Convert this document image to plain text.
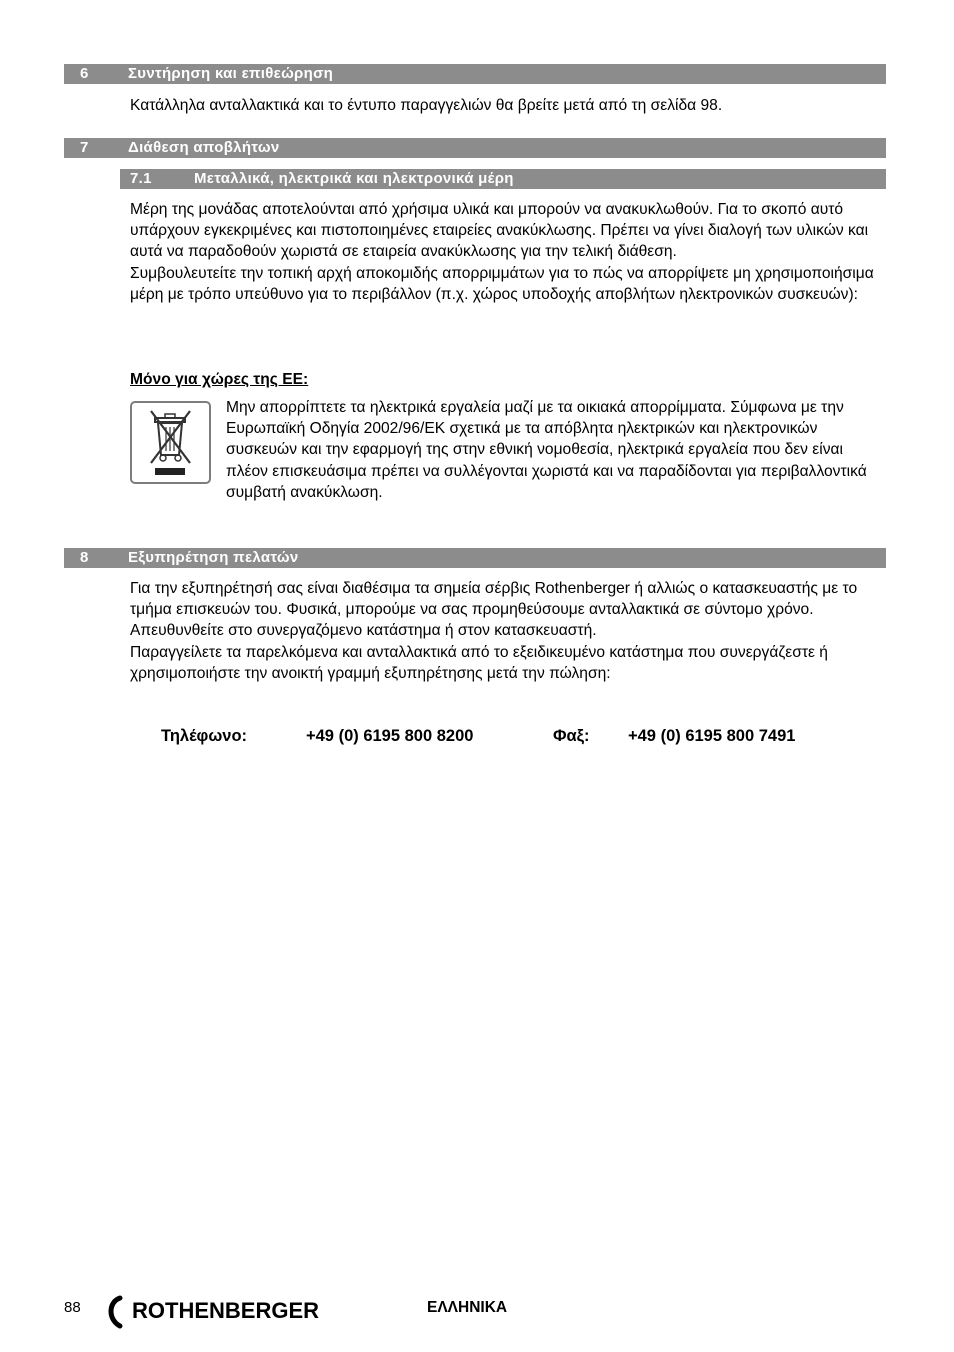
6	Συντήρηση και επιθεώρηση

Κατάλληλα ανταλλακτικά και το έντυπο παραγγελιών θα βρείτε μετά από τη σελίδα 98.

7	Διάθεση αποβλήτων
7.1	Μεταλλικά, ηλεκτρικά και ηλεκτρονικά μέρη

Μέρη της μονάδας αποτελούνται από χρήσιμα υλικά και μπορούν να ανακυκλωθούν. Για το σκοπό αυτό υπάρχουν εγκεκριμένες και πιστοποιημένες εταιρείες ανακύκλωσης. Πρέπει να γίνει διαλογή των υλικών και αυτά να παραδοθούν χωριστά σε εταιρεία ανακύκλωσης για την τελική διάθεση.

Συμβουλευτείτε την τοπική αρχή αποκομιδής απορριμμάτων για το πώς να απορρίψετε μη χρησιμοποιήσιμα μέρη με τρόπο υπεύθυνο για το περιβάλλον (π.χ. χώρος υποδοχής αποβλήτων ηλεκτρονικών συσκευών):

Μόνο για χώρες της ΕΕ:
Μην απορρίπτετε τα ηλεκτρικά εργαλεία μαζί με τα οικιακά απορρίμματα. Σύμφωνα με την Ευρωπαϊκή Οδηγία 2002/96/ΕΚ σχετικά με τα απόβλητα ηλεκτρικών και ηλεκτρονικών συσκευών και την εφαρμογή της στην εθνική νομοθεσία, ηλεκτρικά εργαλεία που δεν είναι πλέον επισκευάσιμα πρέπει να συλλέγονται χωριστά και να παραδίδονται για περιβαλλοντικά συμβατή ανακύκλωση.
8	Εξυπηρέτηση πελατών

Για την εξυπηρέτησή σας είναι διαθέσιμα τα σημεία σέρβις Rothenberger ή αλλιώς ο κατασκευαστής με το τμήμα επισκευών του. Φυσικά, μπορούμε να σας προμηθεύσουμε ανταλλακτικά σε σύντομο χρόνο. Απευθυνθείτε στο συνεργαζόμενο κατάστημα ή στον κατασκευαστή.

Παραγγείλετε τα παρελκόμενα και ανταλλακτικά από το εξειδικευμένο κατάστημα που συνεργάζεστε ή χρησιμοποιήστε την ανοικτή γραμμή εξυπηρέτησης μετά την πώληση:

Τηλέφωνο:	+49 (0) 6195 800 8200	Φαξ: +49 (0) 6195 800 7491
88 ROTHENBERGER	ΕΛΛΗΝΙΚΑ
